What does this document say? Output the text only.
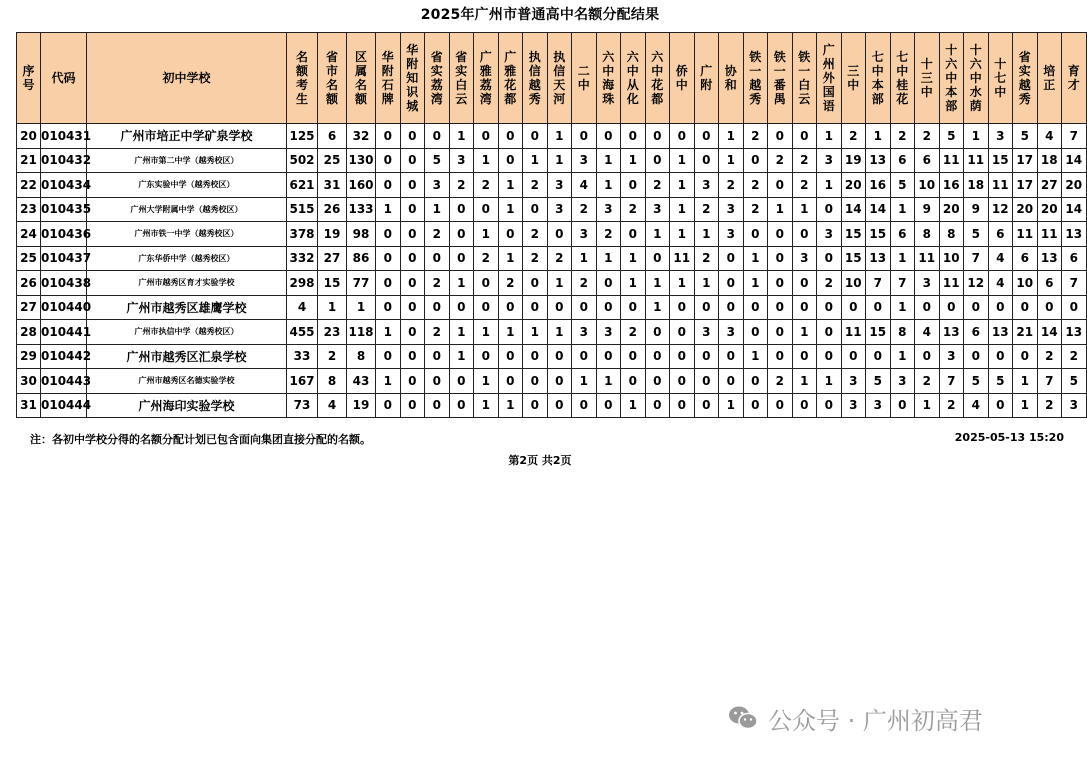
2025年广州市普通高中名额分配结果
序号	代码	初中学校	名额考生	省市名额	区属名额	华附石牌	华附知识城	省实荔湾	省实白云	广雅荔湾	广雅花都	执信越秀	执信天河	二中	六中海珠	六中从化	六中花都	侨中	广附	协和	铁一越秀	铁一番禺	铁一白云	广州外国语	三中	七中本部	七中桂花	十三中	十六中本部	十六中水荫	十七中	省实越秀	培正	育才
20	010431	广州市培正中学矿泉学校	125	6	32	0	0	0	1	0	0	0	1	0	0	0	0	0	0	1	2	0	0	1	2	1	2	2	5	1	3	5	4	7
21	010432	广州市第二中学（越秀校区）	502	25	130	0	0	5	3	1	0	1	1	3	1	1	0	1	0	1	0	2	2	3	19	13	6	6	11	11	15	17	18	14
22	010434	广东实验中学（越秀校区）	621	31	160	0	0	3	2	2	1	2	3	4	1	0	2	1	3	2	2	0	2	1	20	16	5	10	16	18	11	17	27	20
23	010435	广州大学附属中学（越秀校区）	515	26	133	1	0	1	0	0	1	0	3	2	3	2	3	1	2	3	2	1	1	0	14	14	1	9	20	9	12	20	20	14
24	010436	广州市铁一中学（越秀校区）	378	19	98	0	0	2	0	1	0	2	0	3	2	0	1	1	1	3	0	0	0	3	15	15	6	8	8	5	6	11	11	13
25	010437	广东华侨中学（越秀校区）	332	27	86	0	0	0	0	2	1	2	2	1	1	1	0	11	2	0	1	0	3	0	15	13	1	11	10	7	4	6	13	6
26	010438	广州市越秀区育才实验学校	298	15	77	0	0	2	1	0	2	0	1	2	0	1	1	1	1	0	1	0	0	2	10	7	7	3	11	12	4	10	6	7
27	010440	广州市越秀区雄鹰学校	4	1	1	0	0	0	0	0	0	0	0	0	0	0	1	0	0	0	0	0	0	0	0	0	1	0	0	0	0	0	0	0
28	010441	广州市执信中学（越秀校区）	455	23	118	1	0	2	1	1	1	1	1	3	3	2	0	0	3	3	0	0	1	0	11	15	8	4	13	6	13	21	14	13
29	010442	广州市越秀区汇泉学校	33	2	8	0	0	0	1	0	0	0	0	0	0	0	0	0	0	0	1	0	0	0	0	0	1	0	3	0	0	0	2	2
30	010443	广州市越秀区名德实验学校	167	8	43	1	0	0	0	1	0	0	0	1	1	0	0	0	0	0	0	2	1	1	3	5	3	2	7	5	5	1	7	5
31	010444	广州海印实验学校	73	4	19	0	0	0	0	1	1	0	0	0	0	1	0	0	0	1	0	0	0	0	3	3	0	1	2	4	0	1	2	3
注：各初中学校分得的名额分配计划已包含面向集团直接分配的名额。	2025-05-13 15:20
第2页 共2页
公众号 · 广州初高君
